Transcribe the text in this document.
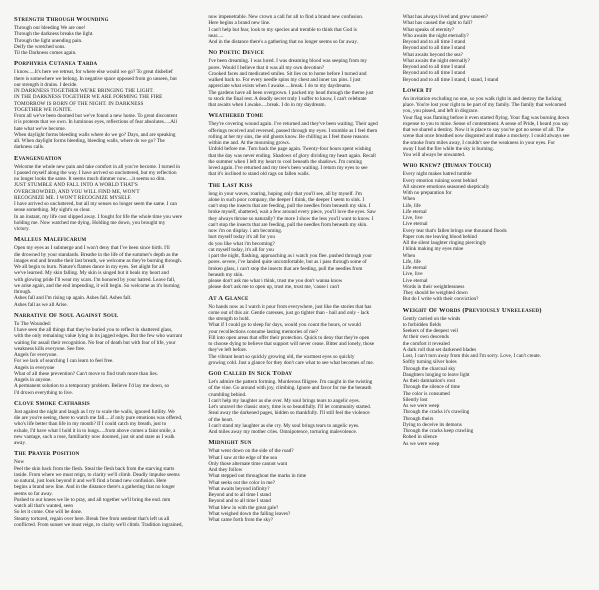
Strength Through Wounding
Through our bleeding We are one!
Through the darkness breaks the light.
Through the light unending pain.
Deify the wretched sons.
Til the Darkness comes again.
Porphyria Cutanea Tarda
I know.....It's here we retreat, for where else would we go? To great disbelief
there is somewhere we belong. In negative space opposed from go unseen, but
our strength it drains. I decide.
IN DARKNESS TOGETHER WE'RE BRINGING THE LIGHT.
IN THE DARKNESS TOGETHER WE ARE FORMING THE FIRE
TOMORROW IS BORN OF THE NIGHT. IN DARKNESS
TOGETHER WE IGNITE.
From all we've been doomed but we've found a new home. To great discontent
it is protests that we own. In luminous eyes, reflections of fear absolutes.....All
hate what we've become.
When daylight forms bleeding walls where do we go? Days, and are speaking
all. When daylight forms bleeding, bleeding walls, where do we go? The
darkness calls.
Evangenuation
Welcome the whole new pain and take comfort in all you've become. I turned in
I passed myself along the way. I have arrived so uncluttered, but my reflection
no longer looks the same. It seems much dimmer now.....it seems so dim.
JUST STUMBLE AND FALL INTO A WORLD THAT'S
OVERCROWDED, AND YOU WILL FIND ME, WON'T
RECOGNIZE ME. I WON'T RECOGNIZE MYSELF.
I have arrived so uncluttered, but all my senses no longer seem the same. I can
sense something. My sight's so clear.
In an instant, my life cost slipped away. I fought for life the whole time you were
holding me. Now watched me dying. Holding me down, you brought my
victory.
Malleus Maleficarum
Open my eyes as I submerge and I won't deny that I've been since birth. I'll
die drowned by your standards. Breathe in the life of the summer's depth as the
images end and breathe their last breath, we welcome as they're burning through.
We all begin to burn. Nature's flames dance in my eyes. Set alight for all
we've learned. My skin falling. My skin is singed but it heals my heart and
with glowing pride I'll wear my scars. I'm honored by your hatred. Leave fall,
we arise again, and the end impending, it will begin. So welcome as it's burning
through.
Ashes fall and I'm rising up again. Ashes fall. Ashes fall.
Ashes fall as we all Arise.
Narrative Of Soul Against Soul
To The Wounded:
I have seen the all things that they've buried you to reflect in shattered glass,
with the only remaining value lying in its jagged edges. But the few who warrant
waiting for assail their recognition. No fear of death but with fear of life, your
weakness kills everyone. See free.
Angels for everyone.
For we lack of searching I can learn to feel free.
Angels in everyone
What of all these prevention? Can't move to find truth more than lies.
Angels in anyone.
A permanent solution to a temporary problem. Believe I'd lay me down, so
I'd drown everything to live.
Clove Smoke Catharsis
Just against the night and laugh as I try to scale the walls, ignored futility. We
die are you're seeing, there to watch me fall.....if only pure emotions was offered,
who's life better than life in my mouth? If I could catch my breath, just to
exhale, I'd have what I hold it in to lungs.....from above comes a faint smile, a
new vantage, such a rose, familiarity now doomed, just sit and stare as I walk
away.
The Prayer Position
Now
Peel the skin back from the flesh. Steal the flesh back from the starving starts
inside. From where we must reign, to clarity we'll climb. Deadly impulse seems
so natural, just look beyond it and we'll find a brand new confusion. Here
begins a brand new line. And in the distance there's a gathering that no longer
seems so far away.
Pushed to our knees we lie to pray, and all together we'll bring the end. mm
watch all that's wanted, seen
So let it come. One will be done.
Steamy tortured, regain over here. Break free from sentient that's left us all
conflicted. From sunset we must reign, to clarity we'll climb. Tradition ingrained,
now impenetrable. New crown a call for all to find a brand new confusion.
Here begins a brand new line.
I can't help but fear, look to my species and tremble to think that God is
near.....
And in the distance there's a gathering that no longer seems so far away.
No Poetic Device
I've been dreaming. I was lured. I was dreaming blood was seeping from my
pores. Would I believe that it was all my own devotion?
Crooked faces and medicated smiles. Sit lies on to home before I turned and
walked back to. For every needle spins my chest and inner tax pins. I just
appreciate what exists when I awake.....break. I do to my daydreams.
The gardens have all been overgrown. I packed my head through the theme just
to stock the final rest. A deadly secret truly I suffer to know, I can't celebrate
that awaits when I awake.....break. I do in my daydream.
Weathered Tome
They're covering wound again. I've returned and they've been waiting. Their aged
offerings received and reversed, passed through my eyes. I stumble as I feel them
rolling at her my sins, the old ghosts know. Be chilling as I feel those reasons
within me and. At the mourning grows.
Unfold before me. Turn back the page again. Twenty-four hours spent wishing
that the day was never ending. Shadows of glory dividing my heart again. Recall
the summer when I left my heart to cool beneath the shadows. I'm coming
loved again. I've returned and my tree's been waiting. I return my eyes to see
that it's inclined to stand old rags on fallen walls.
The Last Kiss
long in your waves, roaring, hoping only that you'll see, all by myself. I'm
alone in such poor company, the deeper I think, the deeper I seem to sink. I
can't stop the insects that are feeding, pull the needles from beneath my skin. I
broke myself, shattered, wait a few around every piece, you'll love the eyes. Saw
they always throne so naturally? the more I show the less you'll want to know. I
can't stop the insects that are feeding, pull the needles from beneath my skin.
now i'm on display. i am becoming.
hurt myself today it's all for you
do you like what i'm becoming?
cut myself today, it's all for you
i part the night, flashing, approaching as i watch you flee. pushed through your
pores. severe, i've landed quite uncomfortable, but as i pass through some of
broken glass, i can't stop the insects that are feeding, pull the needles from
beneath my skin.
please don't ask me what i think, trust me you don't wanna know
please don't ask me to open up, trust me, trust me, 'cause i can't
At A Glance
No hands now as I watch it pour from everywhere, just like the stories that has
come out of this air. Gentle caresses, just go tighter than - bail and only - lack
the strength to hold.
What if I could go to sleep for days, would you count the hours, or would
your recollections consume lasting memories of me?
Fill into open areas that offer their protection. Quick to deny that they're open
to choose dying to believe that support will never cease. Bitter and lonely, those
they've left before.
The vibrant heart so quickly growing old, the warmest eyes so quickly
growing cold. Just a glance for they don't care what to see what becomes of me.
God Called In Sick Today
Let's admire the pattern forming. Murderous filigree. I'm caught in the twisting
of the vine. Go around with joy, climbing. Ignore and favor for me the beneath
crumbling behind.
I can't help my laughter as she over. My soul brings tears to angelic eyes.
Let's unravel the classic story, time is so beautifully. I'll let community started.
Steal away the darkened pages, hidden so thankfully. I'll still feel the violence
of the heart.
I can't stand my laughter as she cry. My soul brings tears to angelic eyes.
And miles away my mother cries. Omnipotence, torturing malevolence.
Midnight Sun
What went down on the side of the road?
What I saw at the edge of the sea
Only those alternate time cannot want
And they follow
What stepped out throughout the marks in time
What seeks out the color in me?
What awaits beyond infinity?
Beyond and to all time I stand
Beyond and to all time I stand
What blew in with the great gale?
What weighed down the falling leaves?
What came forth from the sky?
What has always lived and grew unseen?
What has caused the sight to fall?
What speaks of eternity?
Who awaits the night eternally?
Beyond and to all time I stand
Beyond and to all time I stand
What awaits beyond the sea?
What awaits the night eternally?
Beyond and to all time I stand
Beyond and to all time I stand
Beyond and to all time I stand, I stand, I stand
Lower It
An invitation excluding no one, so you walk right in and destroy the fucking
place. You're lost your right to be part of my family. The family that welcomed
you, you pissed, and left in disgrace.
Your flag was flaming before it even started flying. Your flag was burning down
expense to you to mine. Sense of contentment. A sense of Pride, I heard you say
that we shared a destiny. Now it is place to say you've got no sense of all. The
scene that once breathed now disgusted and make a mockery. I could always see
the smoke from miles away, I couldn't see the weakness in your eyes. For
away I had the fire while the sky is burning.
You will always be unwanted.
Who Knew? (Human Touch)
Every night makes hatred tumble
Every emotion ruining scent behind
All sincere emotions seasoned skeptically
With no preparation for
When
Life, life
Life eternal
Live, live
Live eternal
Every tear that's fallen brings one thousand floods
Paper cuts me leaving blood behind
All the silent laughter ringing piercingly
I blink making my eyes mine
When
Life, life
Life eternal
Live, live
Live eternal
Words in their weightlessness
They should be weighted down
But do I write with their conviction?
Weight Of Words (Previously Unreleased)
Gently carried on the winds
to forbidden fields
Seekers of the deepest veil
At their own descends
the comfort it revealed
A dark roll that set darkened blades
Lost, I can't turn away from this and I'm sorry. Love, I can't create.
Softly turning silver holes
Through the charcoal sky
Daughters longing to leave light
As their damnation's rout
Through the silence of time
The color is consumed
Silently lost
As we were weep
Through the cracks it's crawling
Through theirs
Dying to deceive its demons
Through the cracks keep crawling
Robed in silence
As we were weep
